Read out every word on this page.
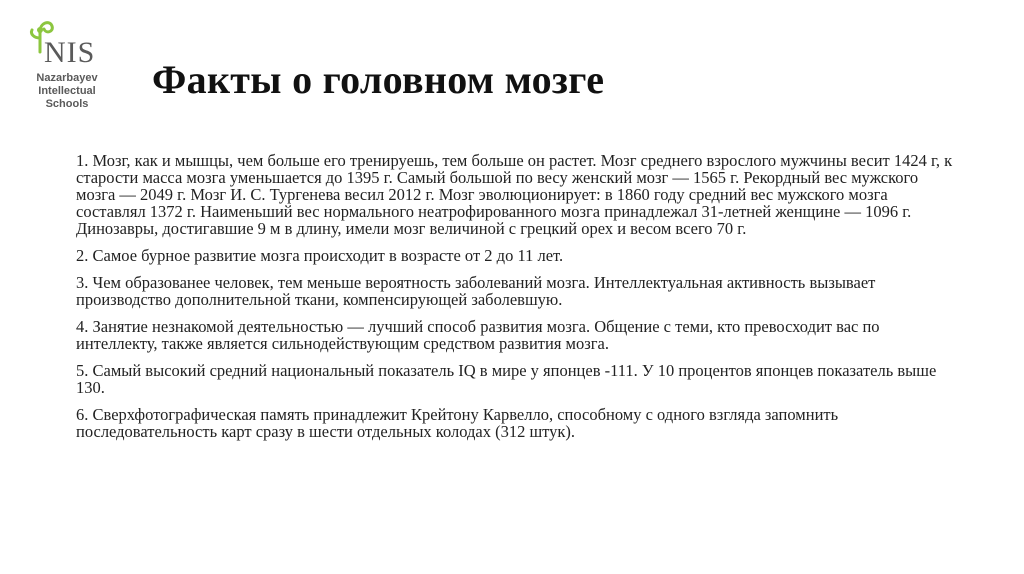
NIS
Nazarbayev
Intellectual
Schools
Факты о головном мозге

1. Мозг, как и мышцы, чем больше его тренируешь, тем больше он растет. Мозг среднего взрослого мужчины весит 1424 г, к старости масса мозга уменьшается до 1395 г. Самый большой по весу женский мозг — 1565 г. Рекордный вес мужского мозга — 2049 г. Мозг И. С. Тургенева весил 2012 г. Мозг эволюционирует: в 1860 году средний вес мужского мозга составлял 1372 г. Наименьший вес нормального неатрофированного мозга принадлежал 31-летней женщине — 1096 г. Динозавры, достигавшие 9 м в длину, имели мозг величиной с грецкий орех и весом всего 70 г.

2. Самое бурное развитие мозга происходит в возрасте от 2 до 11 лет.

3. Чем образованее человек, тем меньше вероятность заболеваний мозга. Интеллектуальная активность вызывает производство дополнительной ткани, компенсирующей заболевшую.

4. Занятие незнакомой деятельностью — лучший способ развития мозга. Общение с теми, кто превосходит вас по интеллекту, также является сильнодействующим средством развития мозга.

5. Самый высокий средний национальный показатель IQ в мире у японцев -111. У 10 процентов японцев показатель выше 130.

6. Сверхфотографическая память принадлежит Крейтону Карвелло, способному с одного взгляда запомнить последовательность карт сразу в шести отдельных колодах (312 штук).
